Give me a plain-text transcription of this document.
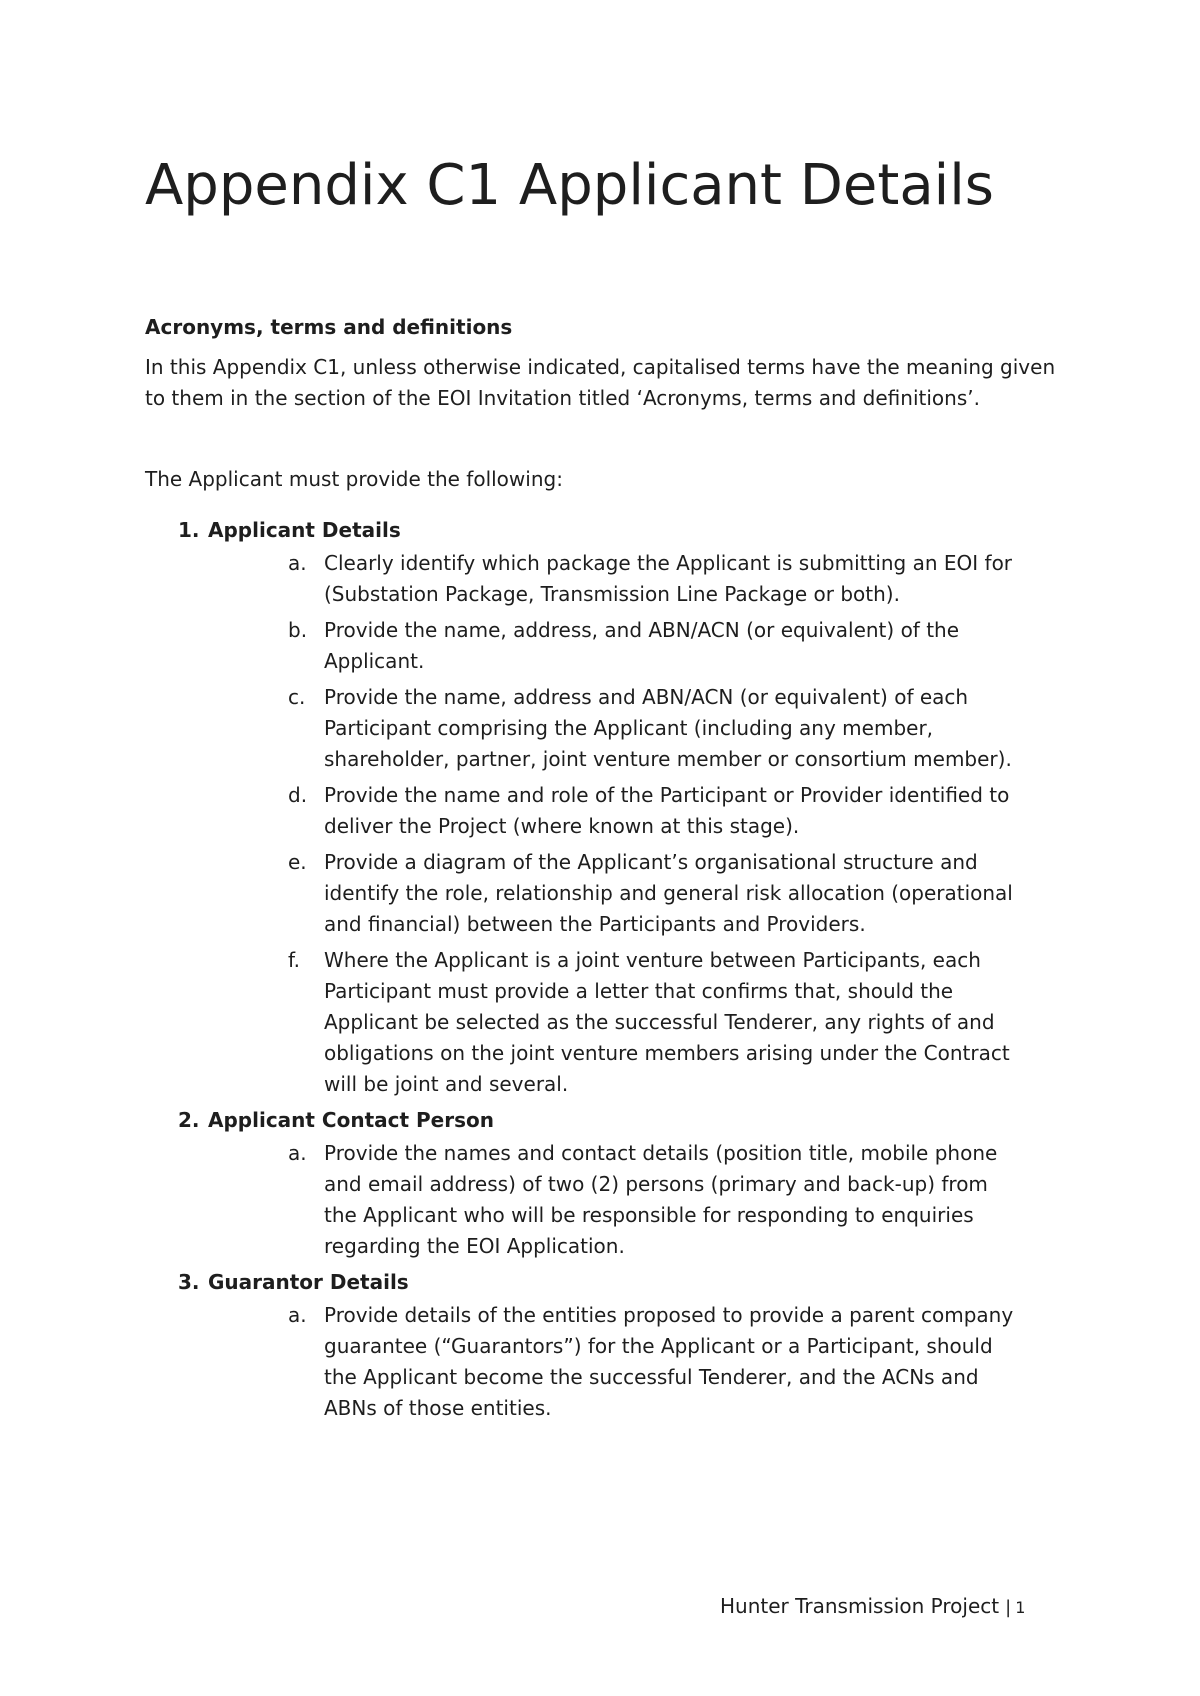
Appendix C1 Applicant Details
Acronyms, terms and definitions

In this Appendix C1, unless otherwise indicated, capitalised terms have the meaning given to them in the section of the EOI Invitation titled ‘Acronyms, terms and definitions’.

The Applicant must provide the following:

1. Applicant Details
a. Clearly identify which package the Applicant is submitting an EOI for (Substation Package, Transmission Line Package or both).
b. Provide the name, address, and ABN/ACN (or equivalent) of the Applicant.
c. Provide the name, address and ABN/ACN (or equivalent) of each Participant comprising the Applicant (including any member, shareholder, partner, joint venture member or consortium member).
d. Provide the name and role of the Participant or Provider identified to deliver the Project (where known at this stage).
e. Provide a diagram of the Applicant’s organisational structure and identify the role, relationship and general risk allocation (operational and financial) between the Participants and Providers.
f. Where the Applicant is a joint venture between Participants, each Participant must provide a letter that confirms that, should the Applicant be selected as the successful Tenderer, any rights of and obligations on the joint venture members arising under the Contract will be joint and several.
2. Applicant Contact Person
a. Provide the names and contact details (position title, mobile phone and email address) of two (2) persons (primary and back-up) from the Applicant who will be responsible for responding to enquiries regarding the EOI Application.
3. Guarantor Details
a. Provide details of the entities proposed to provide a parent company guarantee (“Guarantors”) for the Applicant or a Participant, should the Applicant become the successful Tenderer, and the ACNs and ABNs of those entities.
Hunter Transmission Project | 1
